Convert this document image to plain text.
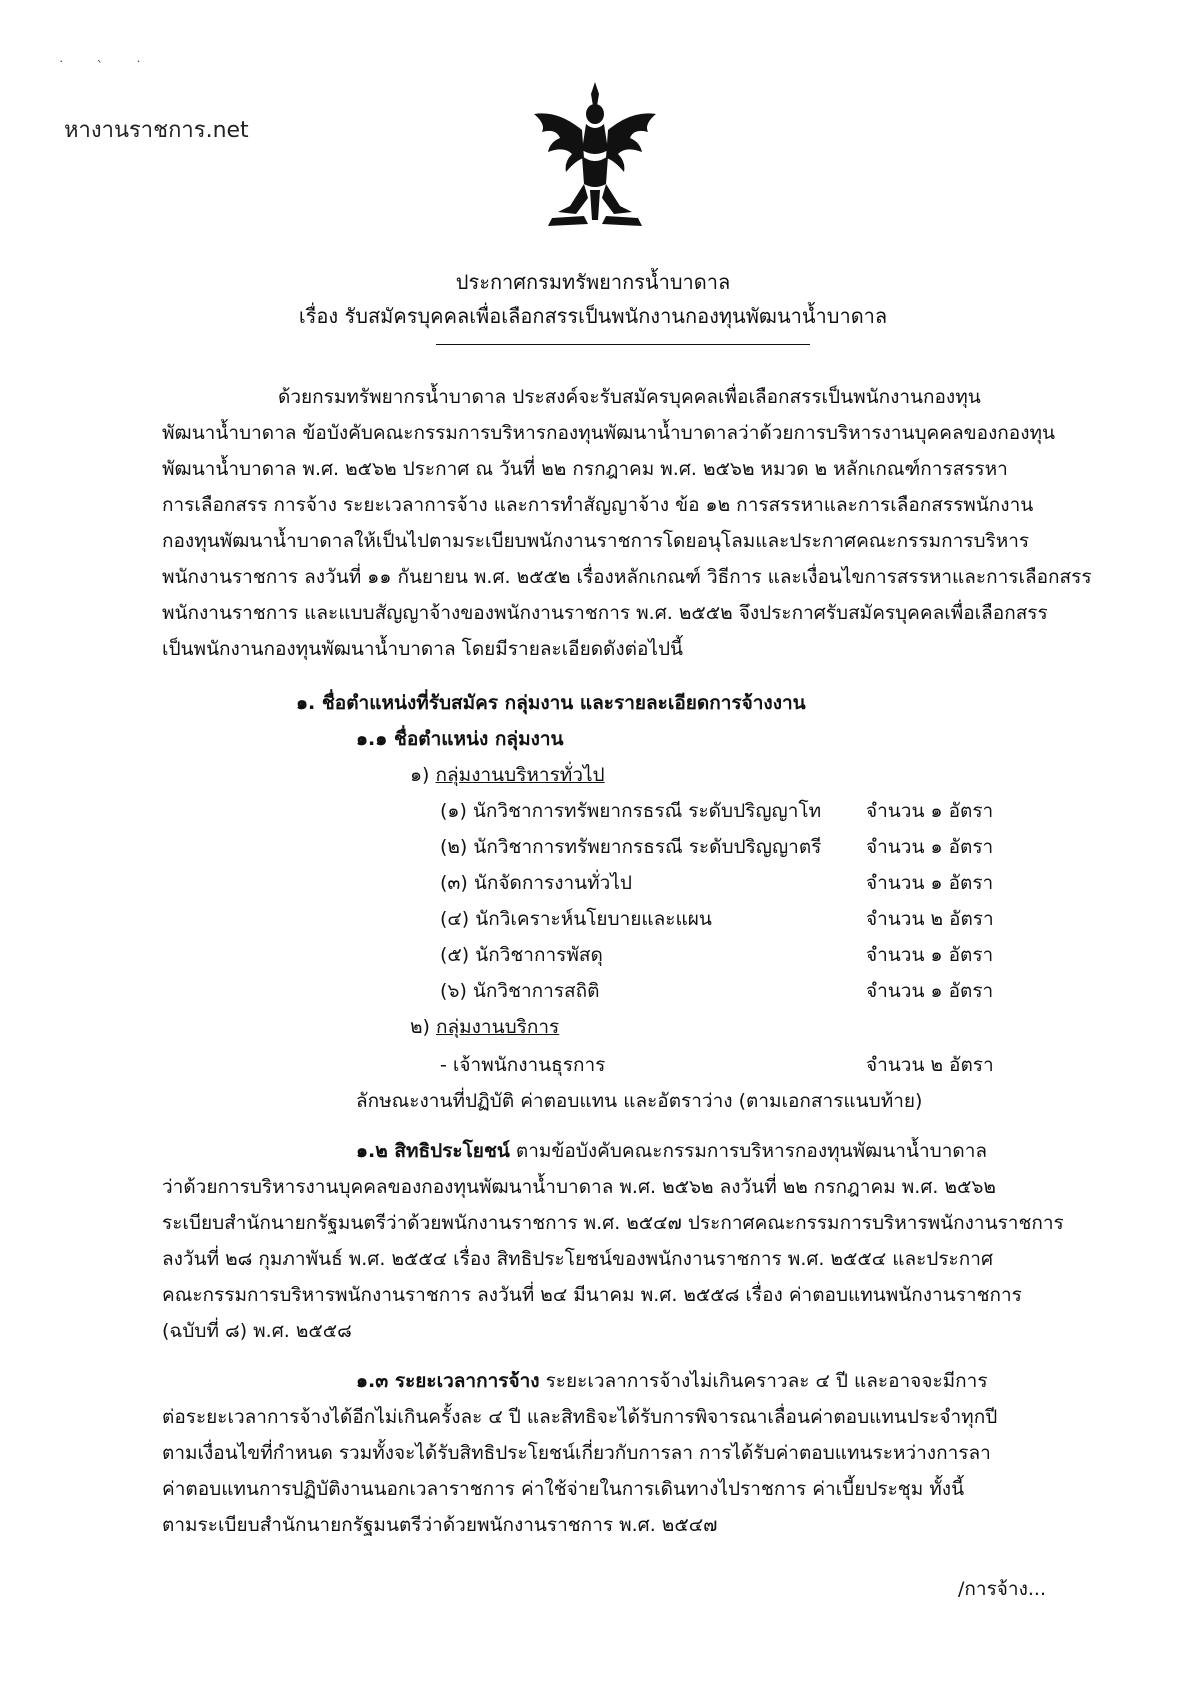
˙ ˋ ˙
หางานราชการ.net
ประกาศกรมทรัพยากรน้ำบาดาล
เรื่อง รับสมัครบุคคลเพื่อเลือกสรรเป็นพนักงานกองทุนพัฒนาน้ำบาดาล
ด้วยกรมทรัพยากรน้ำบาดาล ประสงค์จะรับสมัครบุคคลเพื่อเลือกสรรเป็นพนักงานกองทุน
พัฒนาน้ำบาดาล ข้อบังคับคณะกรรมการบริหารกองทุนพัฒนาน้ำบาดาลว่าด้วยการบริหารงานบุคคลของกองทุน
พัฒนาน้ำบาดาล พ.ศ. ๒๕๖๒ ประกาศ ณ วันที่ ๒๒ กรกฎาคม พ.ศ. ๒๕๖๒ หมวด ๒ หลักเกณฑ์การสรรหา
การเลือกสรร การจ้าง ระยะเวลาการจ้าง และการทำสัญญาจ้าง ข้อ ๑๒ การสรรหาและการเลือกสรรพนักงาน
กองทุนพัฒนาน้ำบาดาลให้เป็นไปตามระเบียบพนักงานราชการโดยอนุโลมและประกาศคณะกรรมการบริหาร
พนักงานราชการ ลงวันที่ ๑๑ กันยายน พ.ศ. ๒๕๕๒ เรื่องหลักเกณฑ์ วิธีการ และเงื่อนไขการสรรหาและการเลือกสรร
พนักงานราชการ และแบบสัญญาจ้างของพนักงานราชการ พ.ศ. ๒๕๕๒ จึงประกาศรับสมัครบุคคลเพื่อเลือกสรร
เป็นพนักงานกองทุนพัฒนาน้ำบาดาล โดยมีรายละเอียดดังต่อไปนี้
๑. ชื่อตำแหน่งที่รับสมัคร กลุ่มงาน และรายละเอียดการจ้างงาน
๑.๑ ชื่อตำแหน่ง กลุ่มงาน
๑) กลุ่มงานบริหารทั่วไป
(๑) นักวิชาการทรัพยากรธรณี ระดับปริญญาโท จำนวน ๑ อัตรา
(๒) นักวิชาการทรัพยากรธรณี ระดับปริญญาตรี จำนวน ๑ อัตรา
(๓) นักจัดการงานทั่วไป	จำนวน ๑ อัตรา
(๔) นักวิเคราะห์นโยบายและแผน	จำนวน ๒ อัตรา
(๕) นักวิชาการพัสดุ	จำนวน ๑ อัตรา
(๖) นักวิชาการสถิติ	จำนวน ๑ อัตรา
๒) กลุ่มงานบริการ
- เจ้าพนักงานธุรการ	จำนวน ๒ อัตรา
ลักษณะงานที่ปฏิบัติ ค่าตอบแทน และอัตราว่าง (ตามเอกสารแนบท้าย)
๑.๒ สิทธิประโยชน์ ตามข้อบังคับคณะกรรมการบริหารกองทุนพัฒนาน้ำบาดาล
ว่าด้วยการบริหารงานบุคคลของกองทุนพัฒนาน้ำบาดาล พ.ศ. ๒๕๖๒ ลงวันที่ ๒๒ กรกฎาคม พ.ศ. ๒๕๖๒
ระเบียบสำนักนายกรัฐมนตรีว่าด้วยพนักงานราชการ พ.ศ. ๒๕๔๗ ประกาศคณะกรรมการบริหารพนักงานราชการ
ลงวันที่ ๒๘ กุมภาพันธ์ พ.ศ. ๒๕๕๔ เรื่อง สิทธิประโยชน์ของพนักงานราชการ พ.ศ. ๒๕๕๔ และประกาศ
คณะกรรมการบริหารพนักงานราชการ ลงวันที่ ๒๔ มีนาคม พ.ศ. ๒๕๕๘ เรื่อง ค่าตอบแทนพนักงานราชการ
(ฉบับที่ ๘) พ.ศ. ๒๕๕๘
๑.๓ ระยะเวลาการจ้าง ระยะเวลาการจ้างไม่เกินคราวละ ๔ ปี และอาจจะมีการ
ต่อระยะเวลาการจ้างได้อีกไม่เกินครั้งละ ๔ ปี และสิทธิจะได้รับการพิจารณาเลื่อนค่าตอบแทนประจำทุกปี
ตามเงื่อนไขที่กำหนด รวมทั้งจะได้รับสิทธิประโยชน์เกี่ยวกับการลา การได้รับค่าตอบแทนระหว่างการลา
ค่าตอบแทนการปฏิบัติงานนอกเวลาราชการ ค่าใช้จ่ายในการเดินทางไปราชการ ค่าเบี้ยประชุม ทั้งนี้
ตามระเบียบสำนักนายกรัฐมนตรีว่าด้วยพนักงานราชการ พ.ศ. ๒๕๔๗
/การจ้าง...
